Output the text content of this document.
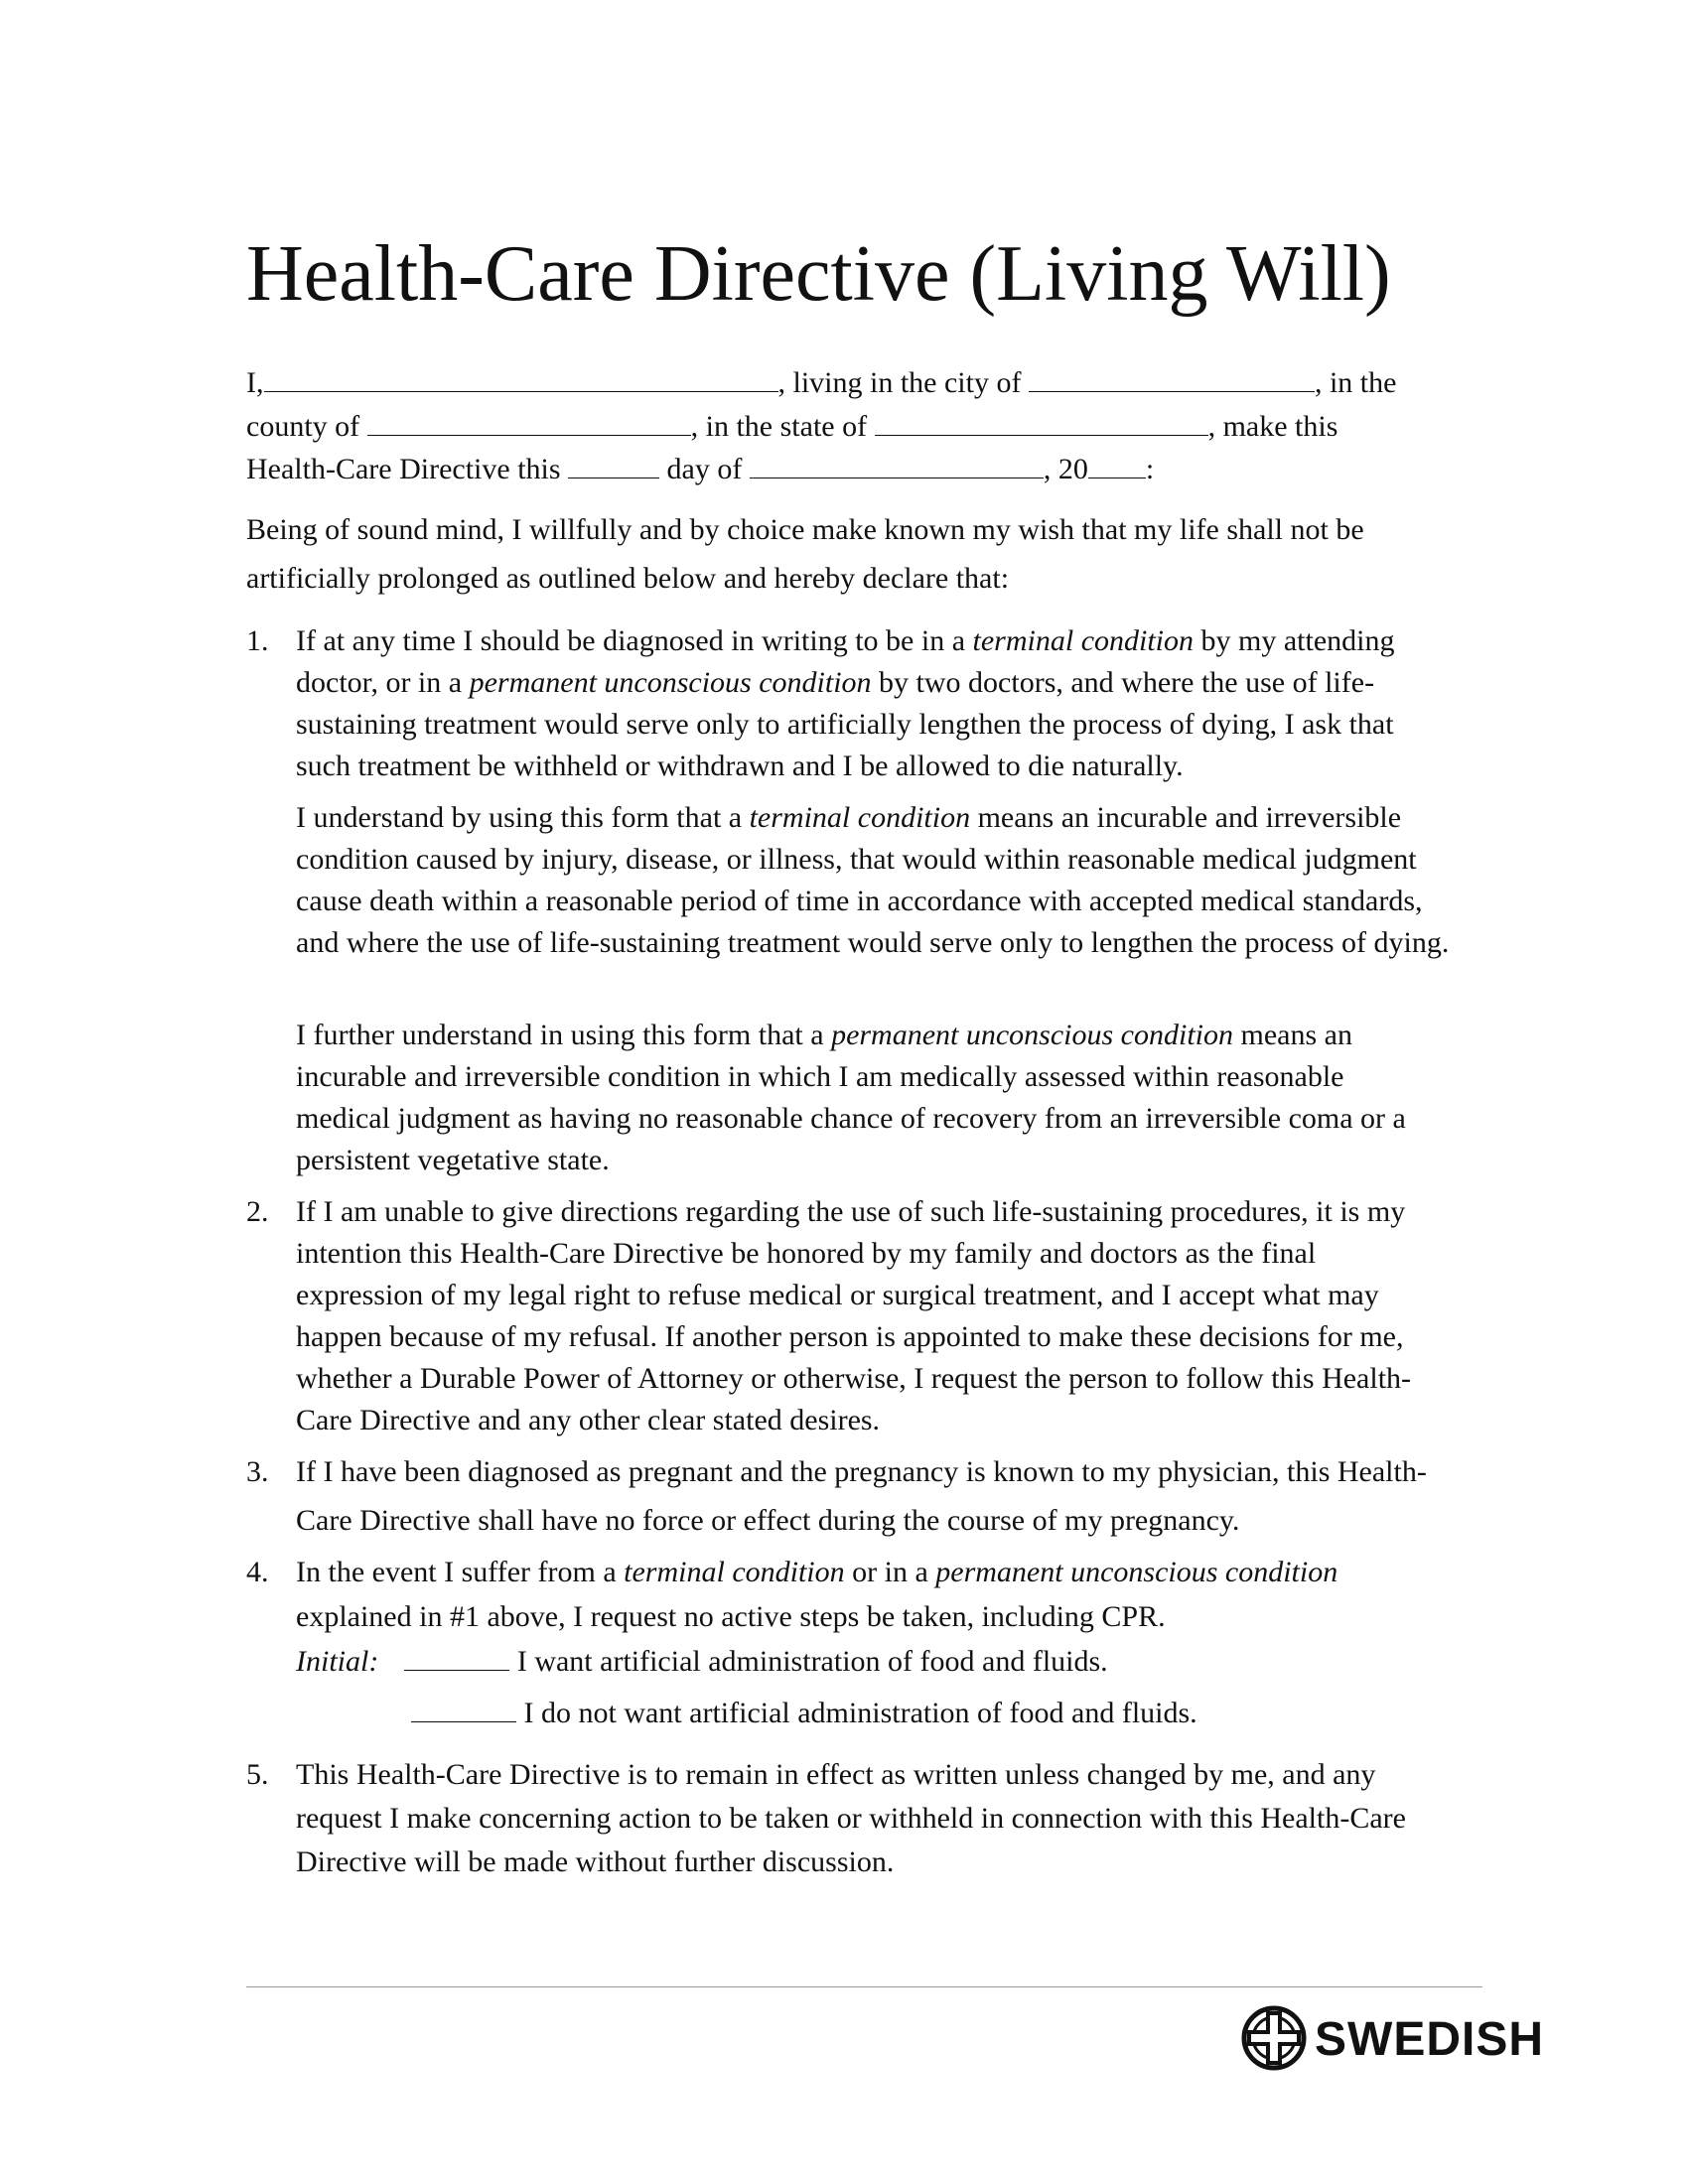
Health-Care Directive (Living Will)
I,	, living in the city of	, in the
county of	, in the state of	, make this
Health-Care Directive this	day of	, 20 :
Being of sound mind, I willfully and by choice make known my wish that my life shall not be
artificially prolonged as outlined below and hereby declare that:
1. If at any time I should be diagnosed in writing to be in a terminal condition by my attending
doctor, or in a permanent unconscious condition by two doctors, and where the use of life-
sustaining treatment would serve only to artificially lengthen the process of dying, I ask that
such treatment be withheld or withdrawn and I be allowed to die naturally.
I understand by using this form that a terminal condition means an incurable and irreversible
condition caused by injury, disease, or illness, that would within reasonable medical judgment
cause death within a reasonable period of time in accordance with accepted medical standards,
and where the use of life-sustaining treatment would serve only to lengthen the process of dying.
I further understand in using this form that a permanent unconscious condition means an
incurable and irreversible condition in which I am medically assessed within reasonable
medical judgment as having no reasonable chance of recovery from an irreversible coma or a
persistent vegetative state.
2. If I am unable to give directions regarding the use of such life-sustaining procedures, it is my
intention this Health-Care Directive be honored by my family and doctors as the final
expression of my legal right to refuse medical or surgical treatment, and I accept what may
happen because of my refusal. If another person is appointed to make these decisions for me,
whether a Durable Power of Attorney or otherwise, I request the person to follow this Health-
Care Directive and any other clear stated desires.
3. If I have been diagnosed as pregnant and the pregnancy is known to my physician, this Health-
Care Directive shall have no force or effect during the course of my pregnancy.
4. In the event I suffer from a terminal condition or in a permanent unconscious condition
explained in #1 above, I request no active steps be taken, including CPR.
Initial:	I want artificial administration of food and fluids.
I do not want artificial administration of food and fluids.
5. This Health-Care Directive is to remain in effect as written unless changed by me, and any
request I make concerning action to be taken or withheld in connection with this Health-Care
Directive will be made without further discussion.
SWEDISH
